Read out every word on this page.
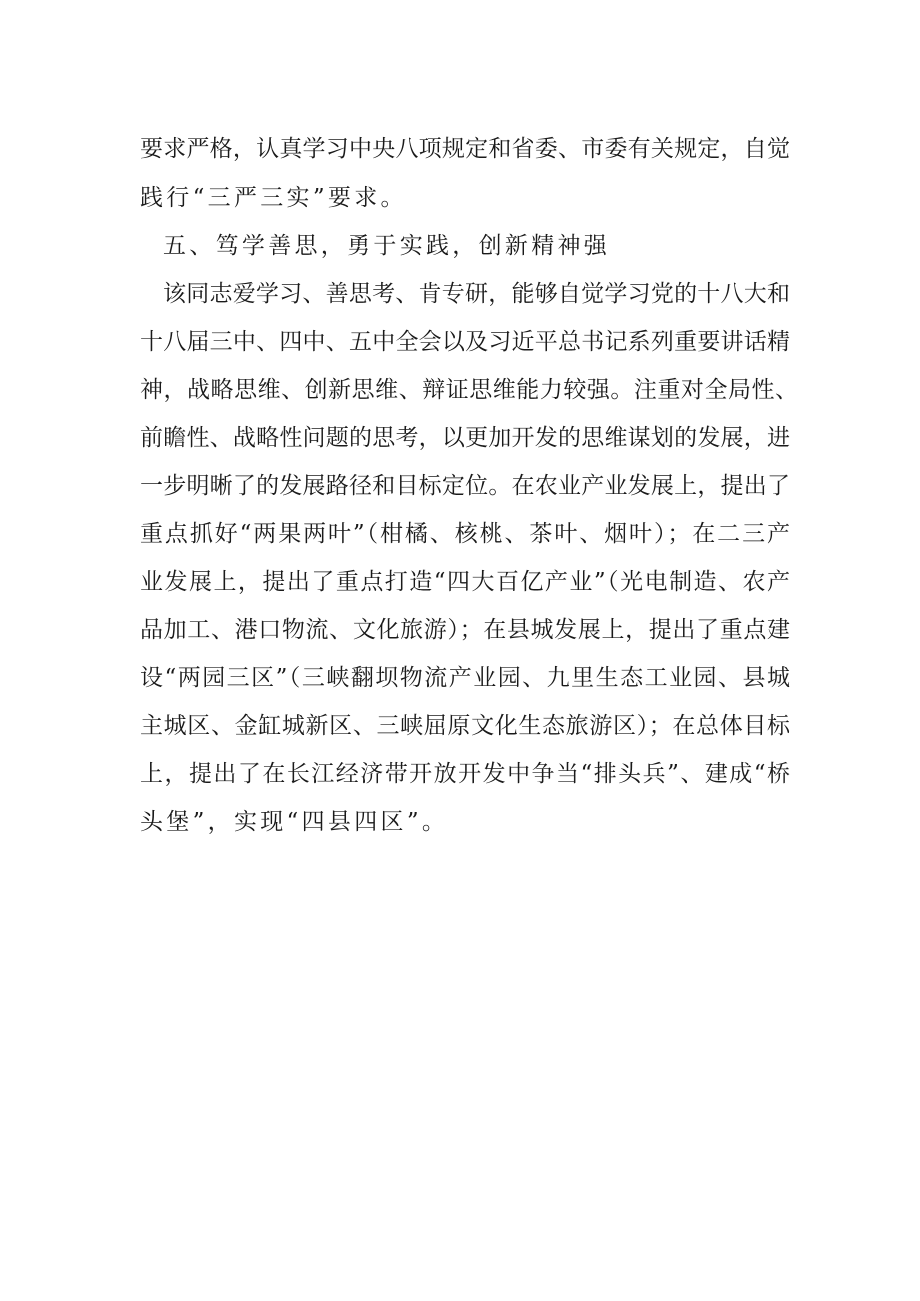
要求严格，认真学习中央八项规定和省委、市委有关规定，自觉
践行“三严三实”要求。
五、笃学善思，勇于实践，创新精神强
该同志爱学习、善思考、肯专研，能够自觉学习党的十八大和
十八届三中、四中、五中全会以及习近平总书记系列重要讲话精
神，战略思维、创新思维、辩证思维能力较强。注重对全局性、
前瞻性、战略性问题的思考，以更加开发的思维谋划的发展，进
一步明晰了的发展路径和目标定位。在农业产业发展上，提出了
重点抓好“两果两叶”（柑橘、核桃、茶叶、烟叶）；在二三产
业发展上，提出了重点打造“四大百亿产业”（光电制造、农产
品加工、港口物流、文化旅游）；在县城发展上，提出了重点建
设“两园三区”（三峡翻坝物流产业园、九里生态工业园、县城
主城区、金缸城新区、三峡屈原文化生态旅游区）；在总体目标
上，提出了在长江经济带开放开发中争当“排头兵”、建成“桥
头堡”，实现“四县四区”。
